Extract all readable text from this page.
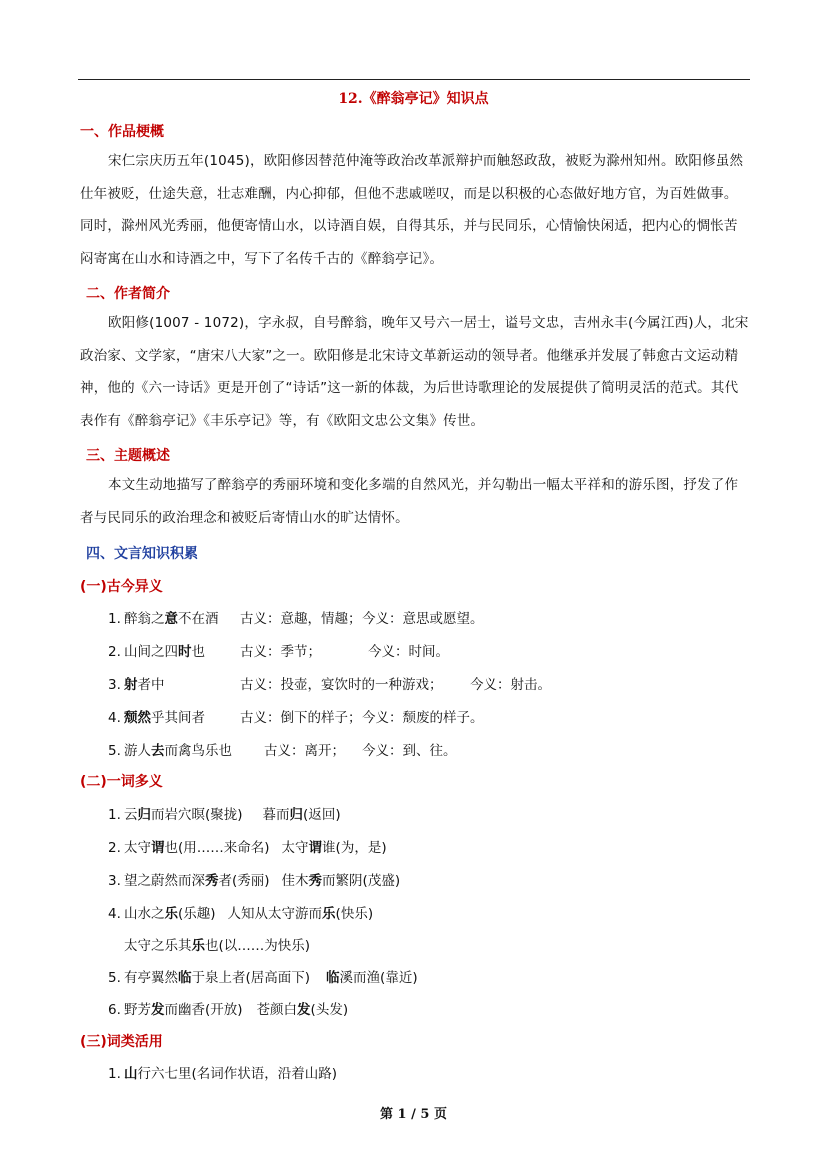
12.《醉翁亭记》知识点
一、作品梗概
宋仁宗庆历五年(1045)，欧阳修因替范仲淹等政治改革派辩护而触怒政敌，被贬为滁州知州。欧阳修虽然仕年被贬，仕途失意，壮志难酬，内心抑郁，但他不悲戚嗟叹，而是以积极的心态做好地方官，为百姓做事。同时，滁州风光秀丽，他便寄情山水，以诗酒自娱，自得其乐，并与民同乐，心情愉快闲适，把内心的惆怅苦闷寄寓在山水和诗酒之中，写下了名传千古的《醉翁亭记》。
二、作者简介
欧阳修(1007 - 1072)，字永叔，自号醉翁，晚年又号六一居士，谥号文忠，吉州永丰(今属江西)人，北宋政治家、文学家，“唐宋八大家”之一。欧阳修是北宋诗文革新运动的领导者。他继承并发展了韩愈古文运动精神，他的《六一诗话》更是开创了“诗话”这一新的体裁，为后世诗歌理论的发展提供了简明灵活的范式。其代表作有《醉翁亭记》《丰乐亭记》等，有《欧阳文忠公文集》传世。
三、主题概述
本文生动地描写了醉翁亭的秀丽环境和变化多端的自然风光，并勾勒出一幅太平祥和的游乐图，抒发了作者与民同乐的政治理念和被贬后寄情山水的旷达情怀。
四、文言知识积累
(一)古今异义
1. 醉翁之意不在酒 古义：意趣，情趣； 今义：意思或愿望。
2. 山间之四时也	古义：季节；	今义：时间。
3. 射者中	古义：投壶，宴饮时的一种游戏； 今义：射击。
4. 颓然乎其间者	古义：倒下的样子； 今义：颓废的样子。
5. 游人去而禽鸟乐也 古义：离开； 今义：到、往。
(二)一词多义
1. 云归而岩穴暝(聚拢) 暮而归(返回)
2. 太守谓也(用……来命名) 太守谓谁(为，是)
3. 望之蔚然而深秀者(秀丽) 佳木秀而繁阴(茂盛)
4. 山水之乐(乐趣) 人知从太守游而乐(快乐)
太守之乐其乐也(以……为快乐)
5. 有亭翼然临于泉上者(居高面下) 临溪而渔(靠近)
6. 野芳发而幽香(开放) 苍颜白发(头发)
(三)词类活用
1. 山行六七里(名词作状语，沿着山路)
第 1 / 5 页
